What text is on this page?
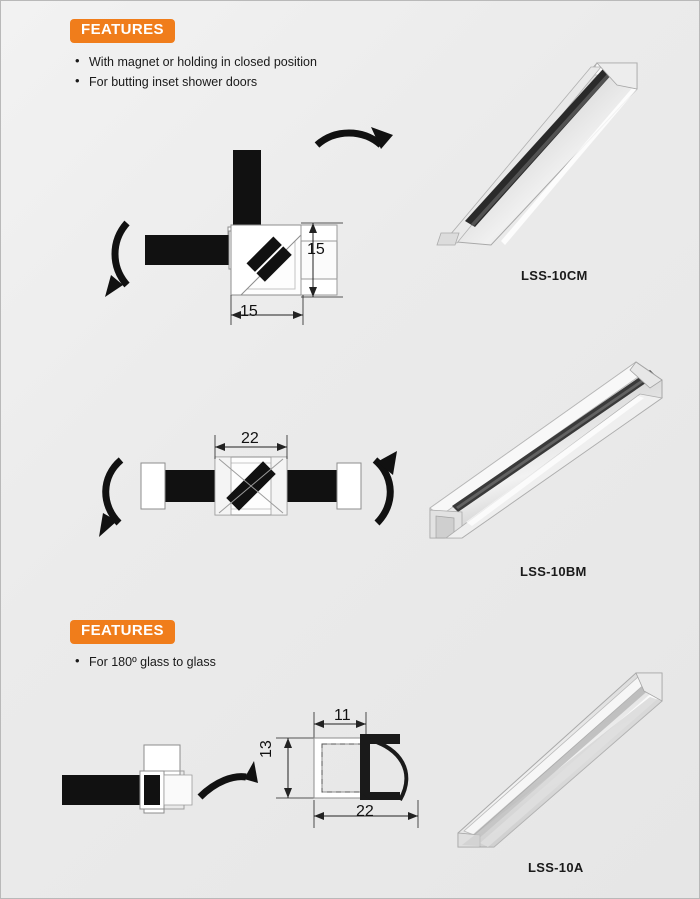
FEATURES
• With magnet or holding in closed position
• For butting inset shower doors
15
15
LSS-10CM
22
LSS-10BM
FEATURES
• For 180º glass to glass
11
13
22
LSS-10A
